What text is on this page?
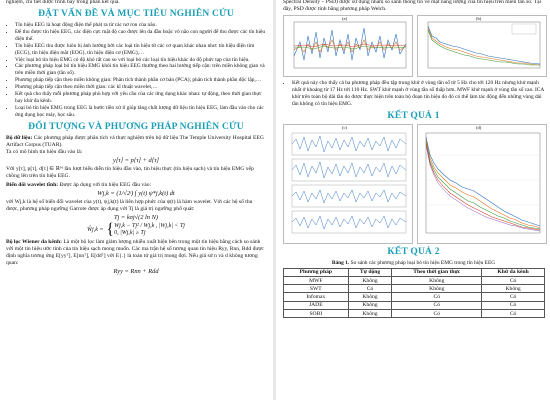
nghiệm, chi tiết được trình bày trong phần kết quả.

ĐẶT VẤN ĐỀ VÀ MỤC TIÊU NGHIÊN CỨU
• Tín hiệu EEG là hoạt động điện thế phát ra từ các nơ ron của não.
• Để thu được tín hiệu EEG, các điện cực mặt độ cao được lên da đầu hoặc vỏ não con người để thu được các tín hiệu điện thế.
• Tín hiệu EEG thu được luôn bị ảnh hưởng bởi các loại tín hiệu từ các cơ quan khác nhau như: tín hiệu điện tim (ECG), tín hiệu điện mắt (EOG), tín hiệu điện cơ (EMG),…
• Việc loại bỏ tín hiệu EMG có độ khó rất cao so với loại bỏ các loại tín hiệu khác do độ phức tạp của tín hiệu.
• Các phương pháp loại bỏ tín hiệu EMG khỏi tín hiệu EEG thường theo hai hướng tiếp cận: trên miền không gian và trên miền thời gian (tần số).
• Phương pháp tiếp cận theo miền không gian: Phân tích thành phần cơ bản (PCA); phân tích thành phần độc lập,…
• Phương pháp tiếp cận theo miền thời gian: các kĩ thuật wavelet,…
• Kết quả cho thấy mỗi phương pháp phù hợp với yêu cầu của các ứng dụng khác nhau: tự động, theo thời gian thực hay khử đa kênh.
• Loại bỏ tín hiệu EMG trong EEG là bước tiền xử lí giúp tăng chất lượng dữ liệu tín hiệu EEG, làm đầu vào cho các ứng dụng học máy, học sâu.
ĐỐI TƯỢNG VÀ PHƯƠNG PHÁP NGHIÊN CỨU

Bộ dữ liệu: Các phương pháp được phân tích và thực nghiệm trên bộ dữ liệu The Temple University Hospital EEG Artifact Corpus (TUAR).

Ta có mô hình tín hiệu đầu vào là:

y[τ] = p[τ] + d[τ]

Với y[τ], p[τ], d[τ] ∈ ℝᴹ lần lượt biểu diễn tín hiệu đầu vào, tín hiệu thực (tín hiệu sạch) và tín hiệu EMG xếp chồng lên trên tín hiệu EEG.

Biến đổi wavelet tĩnh: Được áp dụng với tín hiệu EEG đầu vào:

Wj,k = (1/√2ʲ) ∫ y(t) ψ*j,k(t) dt

với Wj,k là hệ số biến đổi wavelet của y(t), ψj,k(t) là liên hợp phức của ψ(t) là hàm wavelet. Với các hệ số thu được, phương pháp ngưỡng Garrote được áp dụng với Tj là giá trị ngưỡng phổ quát:

Tj = kσj√(2 ln N)
Ŵj,k = { Wj,k − Tj² / Wj,k , |Wj,k| < Tj
0, |Wj,k| ≥ Tj

Bộ lọc Wiener đa kênh: Là một bộ lọc làm giảm lượng nhiễu xuất hiện bên trong một tín hiệu bằng cách so sánh với một tín hiệu ước tính của tín hiệu sạch mong muốn. Các ma trận hệ số tương quan tín hiệu Ryy, Rnn, Rdd được định nghĩa tương ứng E[yyᵀ], E[nnᵀ], E[ddᵀ] với E{.} là toán tử giá trị mong đợi. Nếu giả sử n và d không tương quan:

Ryy = Rnn + Rdd

Spectral Density – PSD) được sử dụng nhằm so sánh thông tin về mặt năng lượng của tín hiệu trên miền tần số. Tại đây, PSD được tính bằng phương pháp Welch.

(a)	(b)
• Kết quả này cho thấy cả ba phương pháp đều tập trung khử ở vùng tần số từ 5 Hz cho tới 120 Hz nhưng khử mạnh nhất ở khoảng từ 17 Hz tới 110 Hz. SWT khử mạnh ở vùng tần số thấp hơn. MWF khử mạnh ở vùng tần số cao. ICA khử trên toàn bộ dải tần do được thực hiện trên toàn bộ đoạn tín hiệu đo đó có thể làm tác động đến những vùng dải tần không có tín hiệu EMG.
KẾT QUẢ 1
(c)	(d)
KẾT QUẢ 2
Bảng 1. So sánh các phương pháp loại bỏ tín hiệu EMG trong tín hiệu EEG
Phương pháp	Tự động	Theo thời gian thực	Khử đa kênh
MWF	Không	Không	Có
SWT	Có	Không	Không
Infomax	Không	Có	Có
JADE	Không	Có	Có
SOBI	Không	Có	Có
